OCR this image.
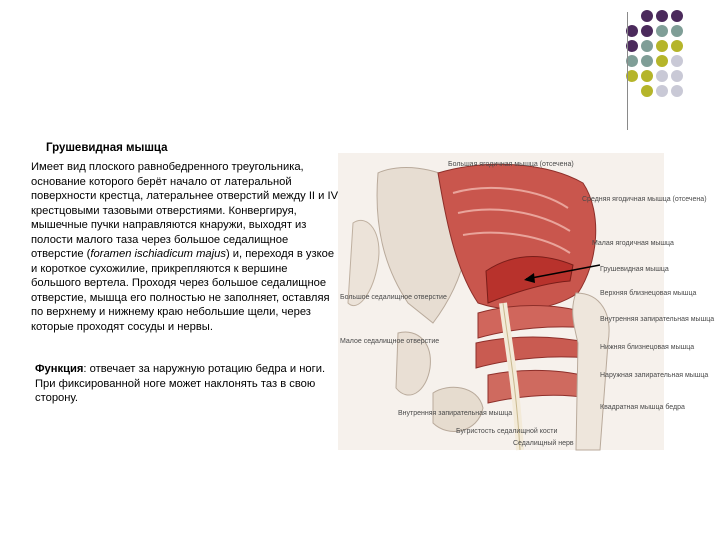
Грушевидная мышца

Имеет вид плоского равнобедренного треугольника, основание которого берёт начало от латеральной поверхности крестца, латеральнее отверстий между II и IV крестцовыми тазовыми отверстиями. Конвергируя, мышечные пучки направляются кнаружи, выходят из полости малого таза через большое седалищное отверстие (foramen ischiadicum majus) и, переходя в узкое и короткое сухожилие, прикрепляются к вершине большого вертела. Проходя через большое седалищное отверстие, мышца его полностью не заполняет, оставляя по верхнему и нижнему краю небольшие щели, через которые проходят сосуды и нервы.

Функция: отвечает за наружную ротацию бедра и ноги. При фиксированной ноге может наклонять таз в свою сторону.
Большая ягодичная мышца (отсечена)
Средняя ягодичная мышца (отсечена)
Малая ягодичная мышца
Грушевидная мышца
Верхняя близнецовая мышца
Внутренняя запирательная мышца
Нижняя близнецовая мышца
Наружная запирательная мышца
Квадратная мышца бедра
Большое седалищное отверстие
Малое седалищное отверстие
Внутренняя запирательная мышца
Бугристость седалищной кости
Седалищный нерв
